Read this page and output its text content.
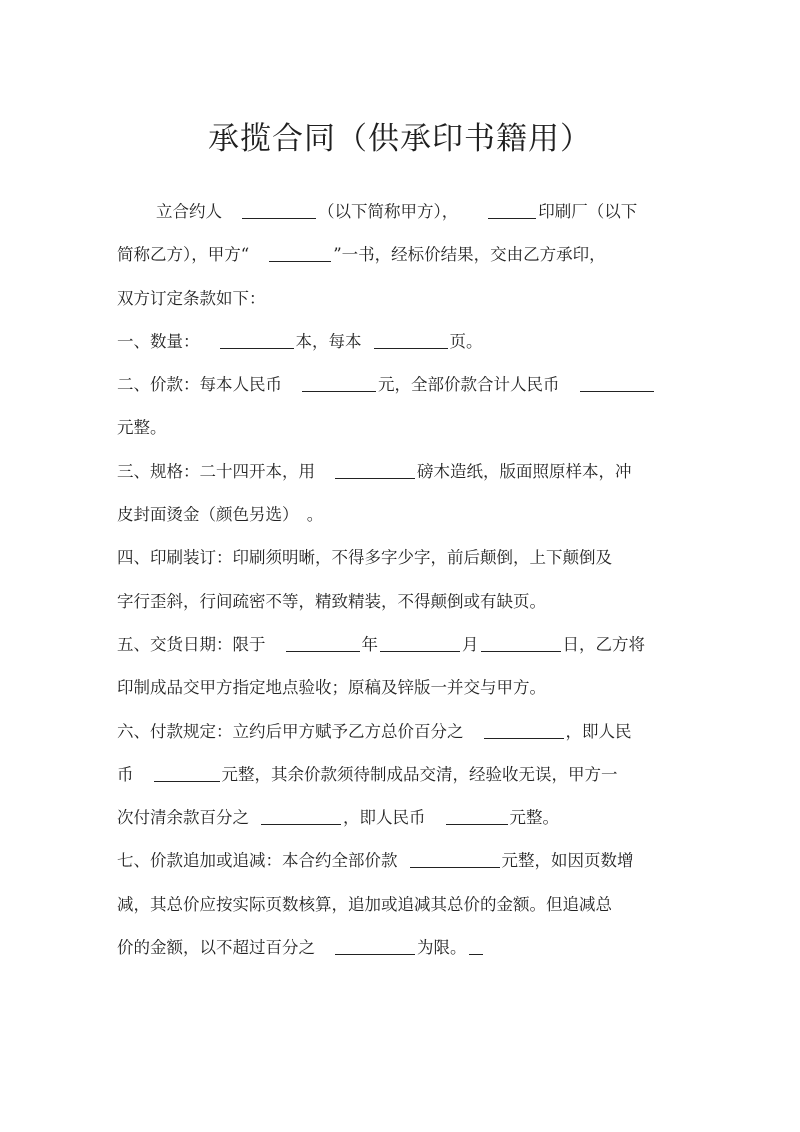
承揽合同（供承印书籍用）

立合约人	（以下简称甲方），	印刷厂（以下

简称乙方），甲方“	”一书，经标价结果，交由乙方承印，

双方订定条款如下：

一、数量：	本，每本	页。

二、价款：每本人民币	元，全部价款合计人民币

元整。

三、规格：二十四开本，用	磅木造纸，版面照原样本，冲

皮封面烫金（颜色另选）　。

四、印刷装订：印刷须明晰，不得多字少字，前后颠倒，上下颠倒及

字行歪斜，行间疏密不等，精致精装，不得颠倒或有缺页。

五、交货日期：限于	年	月	日，乙方将

印制成品交甲方指定地点验收；原稿及锌版一并交与甲方。

六、付款规定：立约后甲方赋予乙方总价百分之	，即人民

币	元整，其余价款须待制成品交清，经验收无误，甲方一

次付清余款百分之	，即人民币	元整。

七、价款追加或追减：本合约全部价款	元整，如因页数增

减，其总价应按实际页数核算，追加或追减其总价的金额。但追减总

价的金额，以不超过百分之	为限。
